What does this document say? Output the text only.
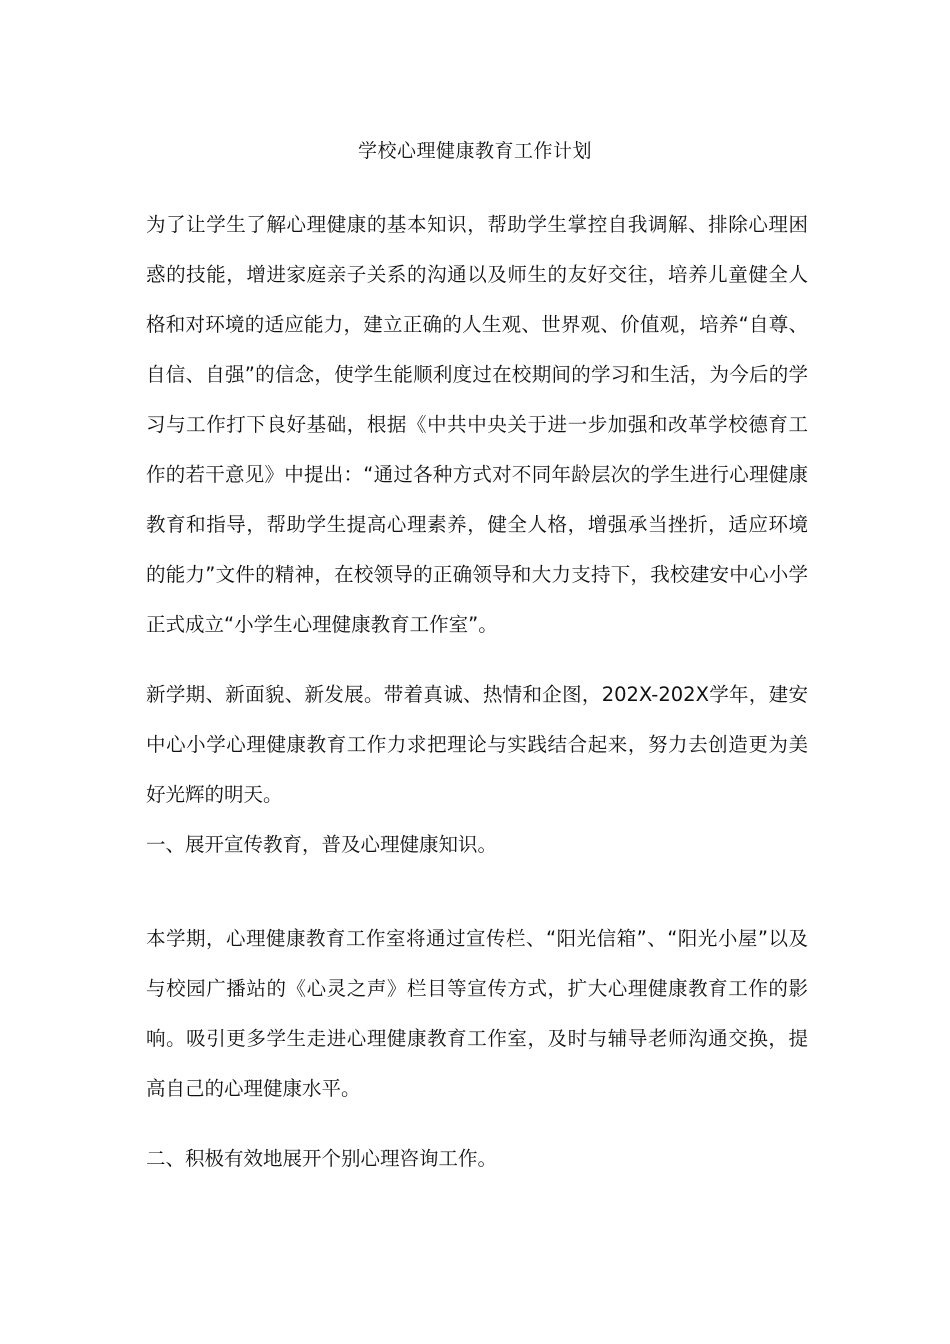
学校心理健康教育工作计划

为了让学生了解心理健康的基本知识，帮助学生掌控自我调解、排除心理困惑的技能，增进家庭亲子关系的沟通以及师生的友好交往，培养儿童健全人格和对环境的适应能力，建立正确的人生观、世界观、价值观，培养“自尊、自信、自强”的信念，使学生能顺利度过在校期间的学习和生活，为今后的学习与工作打下良好基础，根据《中共中央关于进一步加强和改革学校德育工作的若干意见》中提出：“通过各种方式对不同年龄层次的学生进行心理健康教育和指导，帮助学生提高心理素养，健全人格，增强承当挫折，适应环境的能力”文件的精神，在校领导的正确领导和大力支持下，我校建安中心小学正式成立“小学生心理健康教育工作室”。

新学期、新面貌、新发展。带着真诚、热情和企图，202X-202X学年，建安中心小学心理健康教育工作力求把理论与实践结合起来，努力去创造更为美好光辉的明天。

一、展开宣传教育，普及心理健康知识。

本学期，心理健康教育工作室将通过宣传栏、“阳光信箱”、“阳光小屋”以及与校园广播站的《心灵之声》栏目等宣传方式，扩大心理健康教育工作的影响。吸引更多学生走进心理健康教育工作室，及时与辅导老师沟通交换，提高自己的心理健康水平。

二、积极有效地展开个别心理咨询工作。
